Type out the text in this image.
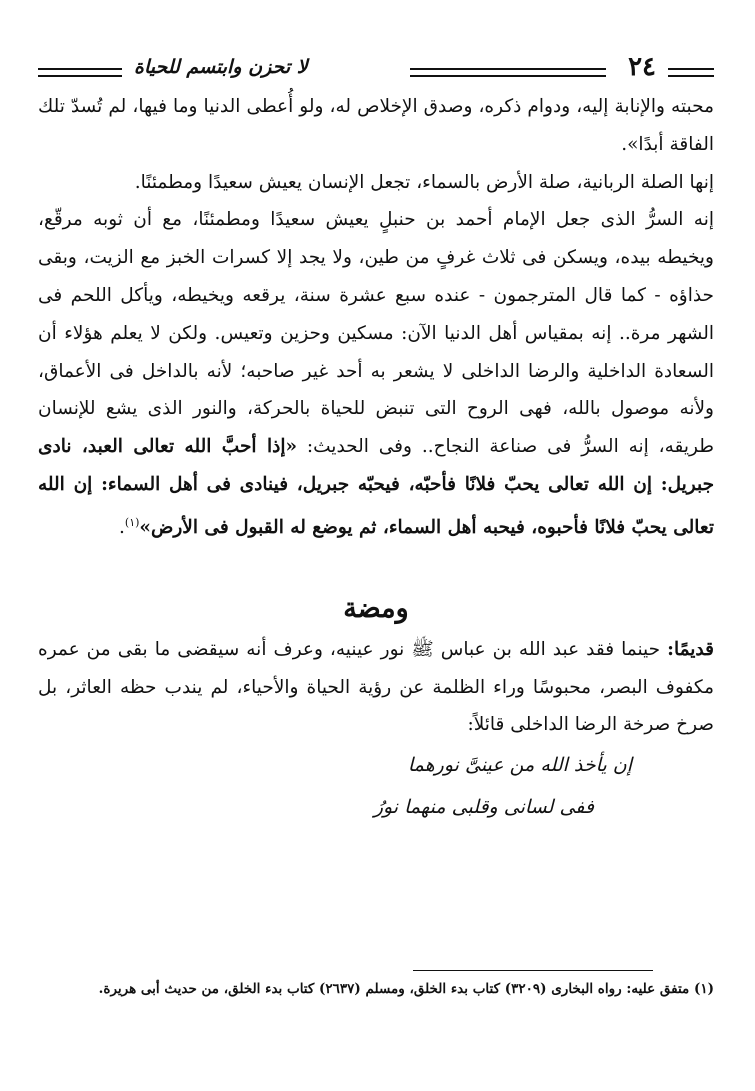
٢٤
لا تحزن وابتسم للحياة

محبته والإنابة إليه، ودوام ذكره، وصدق الإخلاص له، ولو أُعطى الدنيا وما فيها، لم تُسدّ تلك الفاقة أبدًا».

إنها الصلة الربانية، صلة الأرض بالسماء، تجعل الإنسان يعيش سعيدًا ومطمئنًا.

إنه السرُّ الذى جعل الإمام أحمد بن حنبلٍ يعيش سعيدًا ومطمئنًا، مع أن ثوبه مرقّع، ويخيطه بيده، ويسكن فى ثلاث غرفٍ من طين، ولا يجد إلا كسرات الخبز مع الزيت، وبقى حذاؤه - كما قال المترجمون - عنده سبع عشرة سنة، يرقعه ويخيطه، ويأكل اللحم فى الشهر مرة.. إنه بمقياس أهل الدنيا الآن: مسكين وحزين وتعيس. ولكن لا يعلم هؤلاء أن السعادة الداخلية والرضا الداخلى لا يشعر به أحد غير صاحبه؛ لأنه بالداخل فى الأعماق، ولأنه موصول بالله، فهى الروح التى تنبض للحياة بالحركة، والنور الذى يشع للإنسان طريقه، إنه السرُّ فى صناعة النجاح.. وفى الحديث: «إذا أحبَّ الله تعالى العبد، نادى جبريل: إن الله تعالى يحبّ فلانًا فأحبّه، فيحبّه جبريل، فينادى فى أهل السماء: إن الله تعالى يحبّ فلانًا فأحبوه، فيحبه أهل السماء، ثم يوضع له القبول فى الأرض»$^{(١)}$.

ومضة

قديمًا: حينما فقد عبد الله بن عباس ﷺ نور عينيه، وعرف أنه سيقضى ما بقى من عمره مكفوف البصر، محبوسًا وراء الظلمة عن رؤية الحياة والأحياء، لم يندب حظه العاثر، بل صرخ صرخة الرضا الداخلى قائلاً:

إن يأخذ الله من عينىَّ نورهما
ففى لسانى وقلبى منهما نورُ
(١) متفق عليه: رواه البخارى (٣٢٠٩) كتاب بدء الخلق، ومسلم (٢٦٣٧) كتاب بدء الخلق، من حديث أبى هريرة.
